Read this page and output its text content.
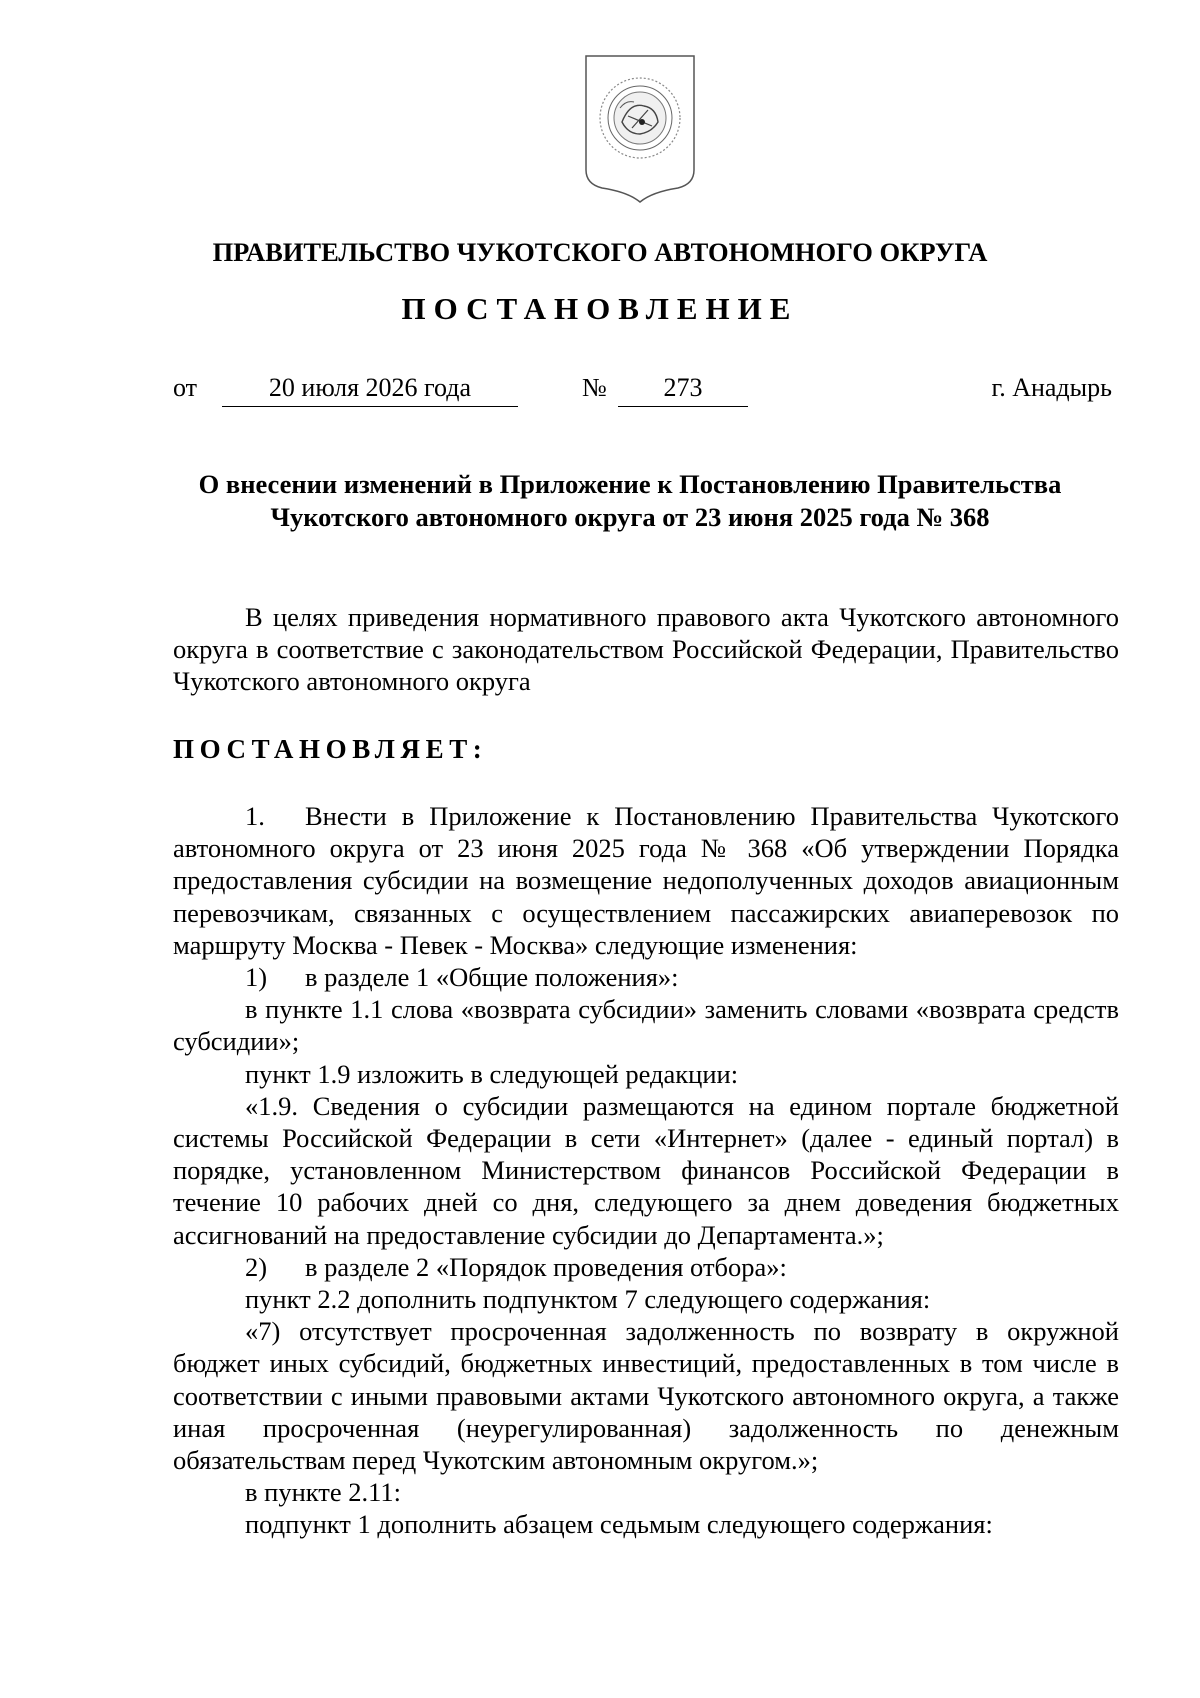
ПРАВИТЕЛЬСТВО ЧУКОТСКОГО АВТОНОМНОГО ОКРУГА
ПОСТАНОВЛЕНИЕ
от	20 июля 2026 года	№	273	г. Анадырь
О внесении изменений в Приложение к Постановлению Правительства
Чукотского автономного округа от 23 июня 2025 года № 368

В целях приведения нормативного правового акта Чукотского автономного округа в соответствие с законодательством Российской Федерации, Правительство Чукотского автономного округа

ПОСТАНОВЛЯЕТ:

1. Внести в Приложение к Постановлению Правительства Чукотского автономного округа от 23 июня 2025 года № 368 «Об утверждении Порядка предоставления субсидии на возмещение недополученных доходов авиационным перевозчикам, связанных с осуществлением пассажирских авиаперевозок по маршруту Москва - Певек - Москва» следующие изменения:

1) в разделе 1 «Общие положения»:

в пункте 1.1 слова «возврата субсидии» заменить словами «возврата средств субсидии»;

пункт 1.9 изложить в следующей редакции:

«1.9. Сведения о субсидии размещаются на едином портале бюджетной системы Российской Федерации в сети «Интернет» (далее - единый портал) в порядке, установленном Министерством финансов Российской Федерации в течение 10 рабочих дней со дня, следующего за днем доведения бюджетных ассигнований на предоставление субсидии до Департамента.»;

2) в разделе 2 «Порядок проведения отбора»:

пункт 2.2 дополнить подпунктом 7 следующего содержания:

«7) отсутствует просроченная задолженность по возврату в окружной бюджет иных субсидий, бюджетных инвестиций, предоставленных в том числе в соответствии с иными правовыми актами Чукотского автономного округа, а также иная просроченная (неурегулированная) задолженность по денежным обязательствам перед Чукотским автономным округом.»;

в пункте 2.11:

подпункт 1 дополнить абзацем седьмым следующего содержания:
